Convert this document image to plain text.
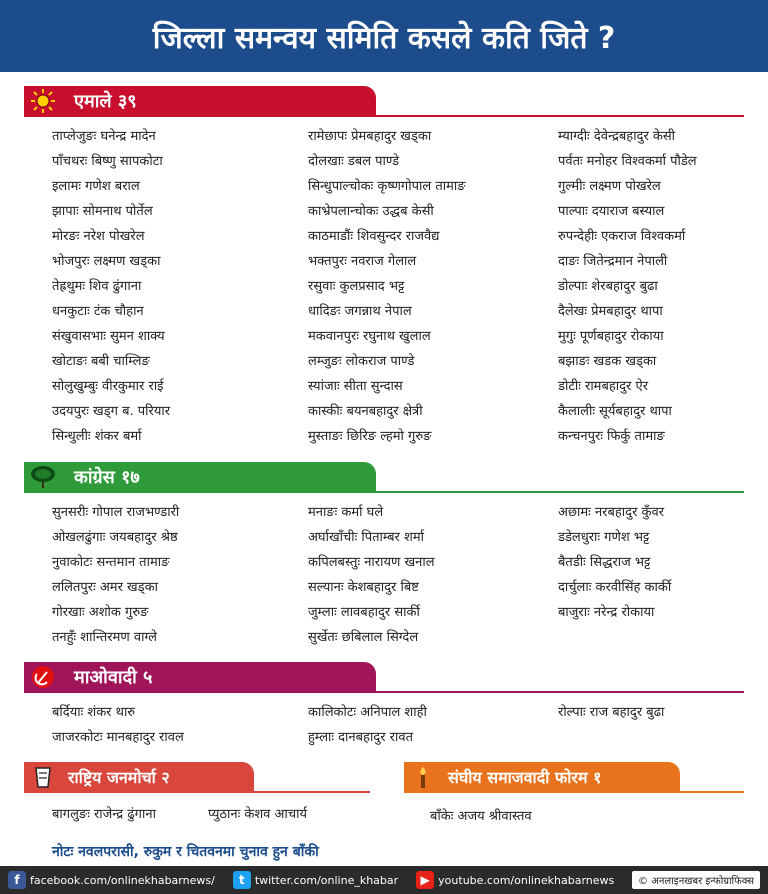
जिल्ला समन्वय समिति कसले कति जिते ?
एमाले ३९
ताप्लेजुङः घनेन्द्र मादेन	रामेछापः प्रेमबहादुर खड्का	म्याग्दीः देवेन्द्रबहादुर केसी
पाँचथरः बिष्णु सापकोटा	दोलखाः डबल पाण्डे	पर्वतः मनोहर विश्वकर्मा पौडेल
इलामः गणेश बराल	सिन्धुपाल्चोकः कृष्णगोपाल तामाङ	गुल्मीः लक्ष्मण पोखरेल
झापाः सोमनाथ पोर्तेल	काभ्रेपलान्चोकः उद्धब केसी	पाल्पाः दयाराज बस्याल
मोरङः नरेश पोखरेल	काठमाडौंः शिवसुन्दर राजवैद्य	रुपन्देहीः एकराज विश्वकर्मा
भोजपुरः लक्ष्मण खड्का	भक्तपुरः नवराज गेलाल	दाङः जितेन्द्रमान नेपाली
तेह्रथुमः शिव ढुंगाना	रसुवाः कुलप्रसाद भट्ट	डोल्पाः शेरबहादुर बुढा
धनकुटाः टंक चौहान	धादिङः जगन्नाथ नेपाल	दैलेखः प्रेमबहादुर थापा
संखुवासभाः सुमन शाक्य	मकवानपुरः रघुनाथ खुलाल	मुगुः पूर्णबहादुर रोकाया
खोटाङः बबी चाम्लिङ	लम्जुङः लोकराज पाण्डे	बझाङः खडक खड्का
सोलुखुम्बुः वीरकुमार राई	स्यांजाः सीता सुन्दास	डोटीः रामबहादुर ऐर
उदयपुरः खड्ग ब. परियार	कास्कीः बयनबहादुर क्षेत्री	कैलालीः सूर्यबहादुर थापा
सिन्धुलीः शंकर बर्मा	मुस्ताङः छिरिङ ल्हमो गुरुङ	कन्चनपुरः फिर्कु तामाङ
कांग्रेस १७
सुनसरीः गोपाल राजभण्डारी	मनाङः कर्मा घले	अछामः नरबहादुर कुँवर
ओखलढुंगाः जयबहादुर श्रेष्ठ	अर्घाखाँचीः पिताम्बर शर्मा	डडेलधुराः गणेश भट्ट
नुवाकोटः सन्तमान तामाङ	कपिलबस्तुः नारायण खनाल	बैतडीः सिद्धराज भट्ट
ललितपुरः अमर खड्का	सल्यानः केशबहादुर बिष्ट	दार्चुलाः करवीसिंह कार्की
गोरखाः अशोक गुरुङ	जुम्लाः लावबहादुर सार्की	बाजुराः नरेन्द्र रोकाया
तनहुँः शान्तिरमण वाग्ले	सुर्खेतः छबिलाल सिग्देल
माओवादी ५
बर्दियाः शंकर थारु	कालिकोटः अनिपाल शाही	रोल्पाः राज बहादुर बुढा
जाजरकोटः मानबहादुर रावल	हुम्लाः दानबहादुर रावत
राष्ट्रिय जनमोर्चा २
बागलुङः राजेन्द्र ढुंगाना	प्युठानः केशव आचार्य
संघीय समाजवादी फोरम १
बाँकेः अजय श्रीवास्तव
नोटः नवलपरासी, रुकुम र चितवनमा चुनाव हुन बाँकी
f facebook.com/onlinekhabarnews/	t twitter.com/online_khabar	▶ youtube.com/onlinekhabarnews	© अनलाइनखबर इन्फोग्राफिक्स
